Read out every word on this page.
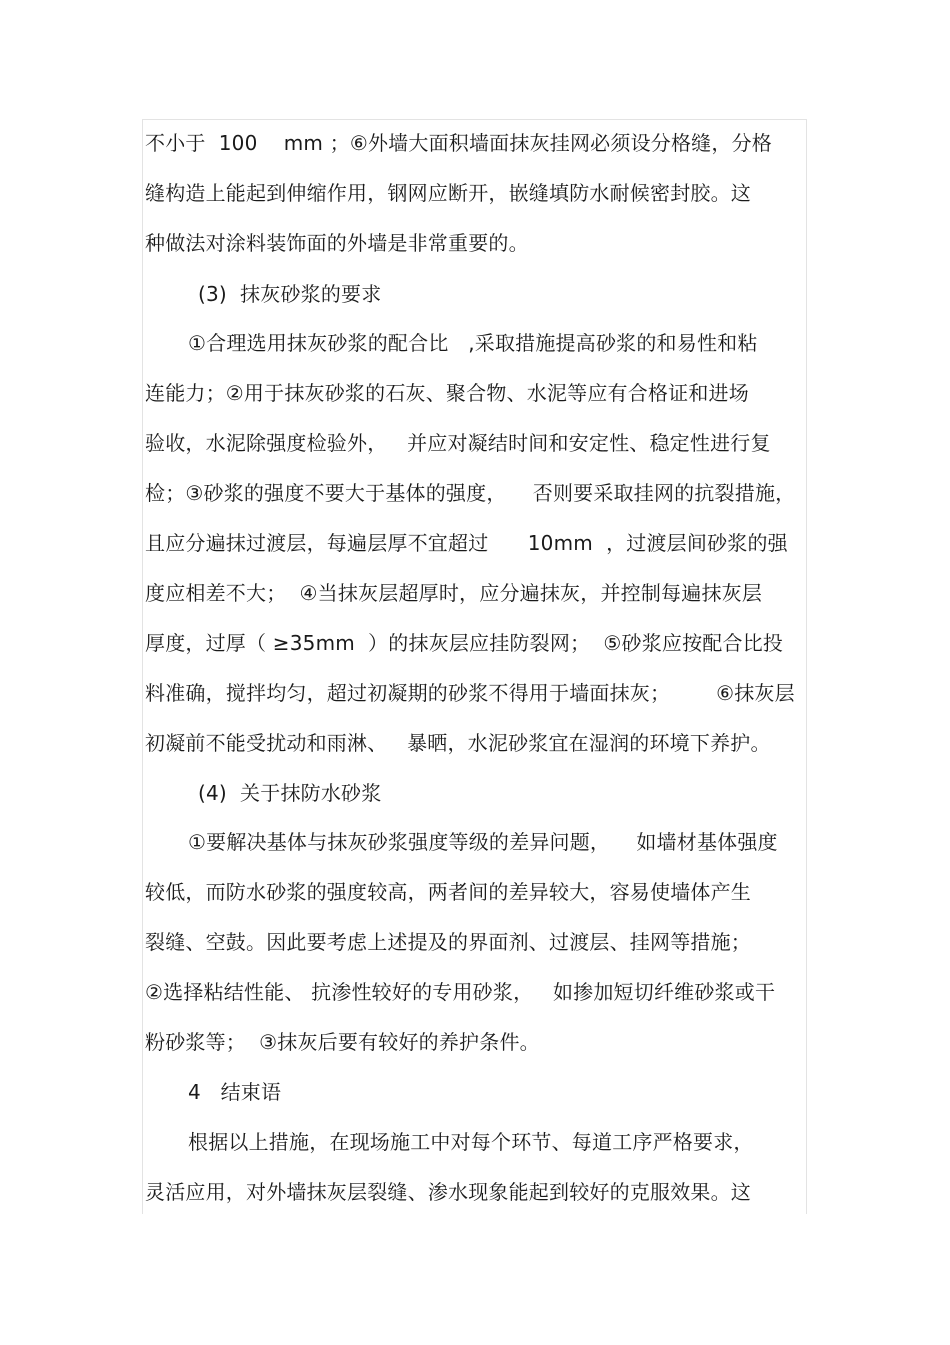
不小于  100    mm ；⑥外墙大面积墙面抹灰挂网必须设分格缝，分格
缝构造上能起到伸缩作用，钢网应断开，嵌缝填防水耐候密封胶。这
种做法对涂料装饰面的外墙是非常重要的。
(3)  抹灰砂浆的要求
①合理选用抹灰砂浆的配合比   ,采取措施提高砂浆的和易性和粘
连能力；②用于抹灰砂浆的石灰、聚合物、水泥等应有合格证和进场
验收，水泥除强度检验外，   并应对凝结时间和安定性、稳定性进行复
检；③砂浆的强度不要大于基体的强度，    否则要采取挂网的抗裂措施，
且应分遍抹过渡层，每遍层厚不宜超过      10mm  ，过渡层间砂浆的强
度应相差不大；  ④当抹灰层超厚时，应分遍抹灰，并控制每遍抹灰层
厚度，过厚（ ≥35mm  ）的抹灰层应挂防裂网；  ⑤砂浆应按配合比投
料准确，搅拌均匀，超过初凝期的砂浆不得用于墙面抹灰；       ⑥抹灰层
初凝前不能受扰动和雨淋、   暴晒，水泥砂浆宜在湿润的环境下养护。
(4)  关于抹防水砂浆
①要解决基体与抹灰砂浆强度等级的差异问题，    如墙材基体强度
较低，而防水砂浆的强度较高，两者间的差异较大，容易使墙体产生
裂缝、空鼓。因此要考虑上述提及的界面剂、过渡层、挂网等措施；
②选择粘结性能、 抗渗性较好的专用砂浆，   如掺加短切纤维砂浆或干
粉砂浆等；  ③抹灰后要有较好的养护条件。
4   结束语
根据以上措施，在现场施工中对每个环节、每道工序严格要求，
灵活应用，对外墙抹灰层裂缝、渗水现象能起到较好的克服效果。这
